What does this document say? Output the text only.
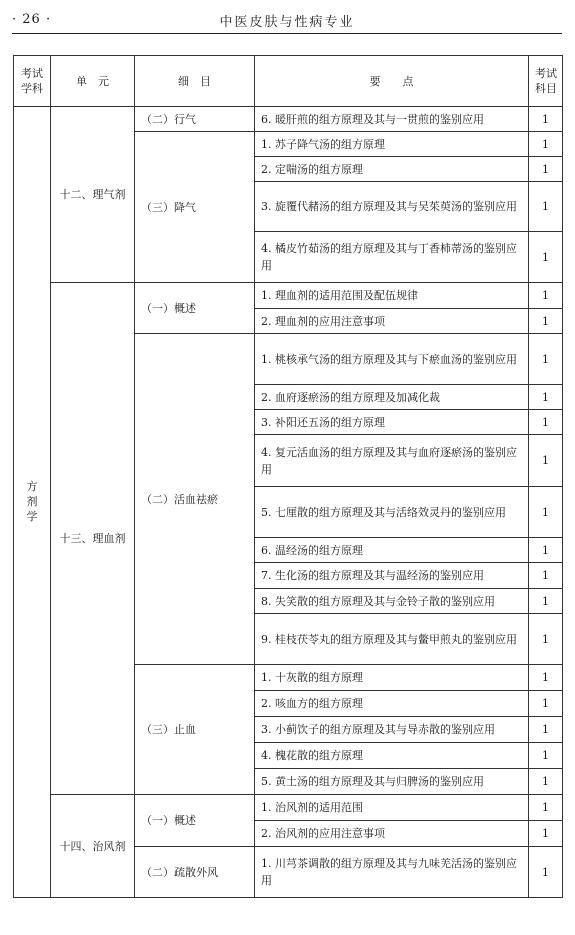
· 26 ·	中医皮肤与性病专业
考试学科	单　元	细　目	要　　点	考试科目
方剂学	十二、理气剂	（二）行气	6. 暖肝煎的组方原理及其与一贯煎的鉴别应用	1
		（三）降气	1. 苏子降气汤的组方原理	1
			2. 定喘汤的组方原理	1
			3. 旋覆代赭汤的组方原理及其与吴茱萸汤的鉴别应用	1
			4. 橘皮竹茹汤的组方原理及其与丁香柿蒂汤的鉴别应用	1
	十三、理血剂	（一）概述	1. 理血剂的适用范围及配伍规律	1
			2. 理血剂的应用注意事项	1
		（二）活血祛瘀	1. 桃核承气汤的组方原理及其与下瘀血汤的鉴别应用	1
			2. 血府逐瘀汤的组方原理及加减化裁	1
			3. 补阳还五汤的组方原理	1
			4. 复元活血汤的组方原理及其与血府逐瘀汤的鉴别应用	1
			5. 七厘散的组方原理及其与活络效灵丹的鉴别应用	1
			6. 温经汤的组方原理	1
			7. 生化汤的组方原理及其与温经汤的鉴别应用	1
			8. 失笑散的组方原理及其与金铃子散的鉴别应用	1
			9. 桂枝茯苓丸的组方原理及其与鳖甲煎丸的鉴别应用	1
		（三）止血	1. 十灰散的组方原理	1
			2. 咳血方的组方原理	1
			3. 小蓟饮子的组方原理及其与导赤散的鉴别应用	1
			4. 槐花散的组方原理	1
			5. 黄土汤的组方原理及其与归脾汤的鉴别应用	1
	十四、治风剂	（一）概述	1. 治风剂的适用范围	1
			2. 治风剂的应用注意事项	1
		（二）疏散外风	1. 川芎茶调散的组方原理及其与九味羌活汤的鉴别应用	1
